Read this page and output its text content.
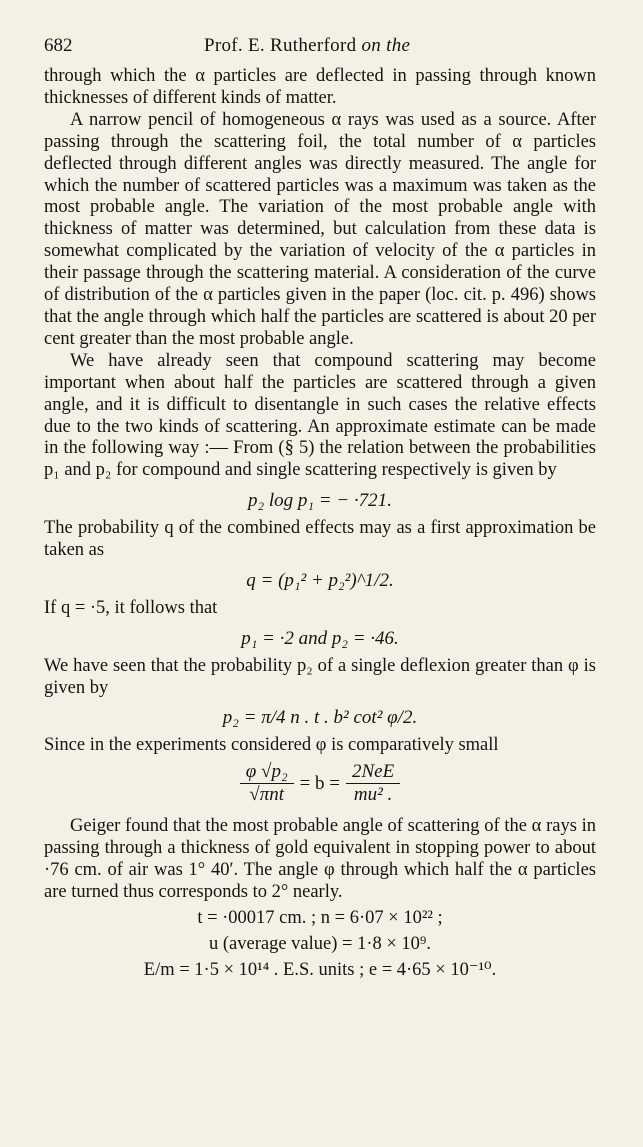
682	Prof. E. Rutherford on the

through which the α particles are deflected in passing through known thicknesses of different kinds of matter.

A narrow pencil of homogeneous α rays was used as a source. After passing through the scattering foil, the total number of α particles deflected through different angles was directly measured. The angle for which the number of scattered particles was a maximum was taken as the most probable angle. The variation of the most probable angle with thickness of matter was determined, but calculation from these data is somewhat complicated by the variation of velocity of the α particles in their passage through the scattering material. A consideration of the curve of distribution of the α particles given in the paper (loc. cit. p. 496) shows that the angle through which half the particles are scattered is about 20 per cent greater than the most probable angle.

We have already seen that compound scattering may become important when about half the particles are scattered through a given angle, and it is difficult to disentangle in such cases the relative effects due to the two kinds of scattering. An approximate estimate can be made in the following way :— From (§ 5) the relation between the probabilities p₁ and p₂ for compound and single scattering respectively is given by

p₂ log p₁ = − ·721.

The probability q of the combined effects may as a first approximation be taken as

q = (p₁² + p₂²)^1/2.

If q = ·5, it follows that

p₁ = ·2 and p₂ = ·46.

We have seen that the probability p₂ of a single deflexion greater than φ is given by

p₂ = π/4 n . t . b² cot² φ/2.

Since in the experiments considered φ is comparatively small

$\frac{\text{φ √p₂}}{\text{√πnt}} = b = \frac{\text{2NeE}}{\text{mu² .}}$

Geiger found that the most probable angle of scattering of the α rays in passing through a thickness of gold equivalent in stopping power to about ·76 cm. of air was 1° 40′. The angle φ through which half the α particles are turned thus corresponds to 2° nearly.

t = ·00017 cm. ; n = 6·07 × 10²² ;
u (average value) = 1·8 × 10⁹.
E/m = 1·5 × 10¹⁴ . E.S. units ; e = 4·65 × 10⁻¹⁰.
